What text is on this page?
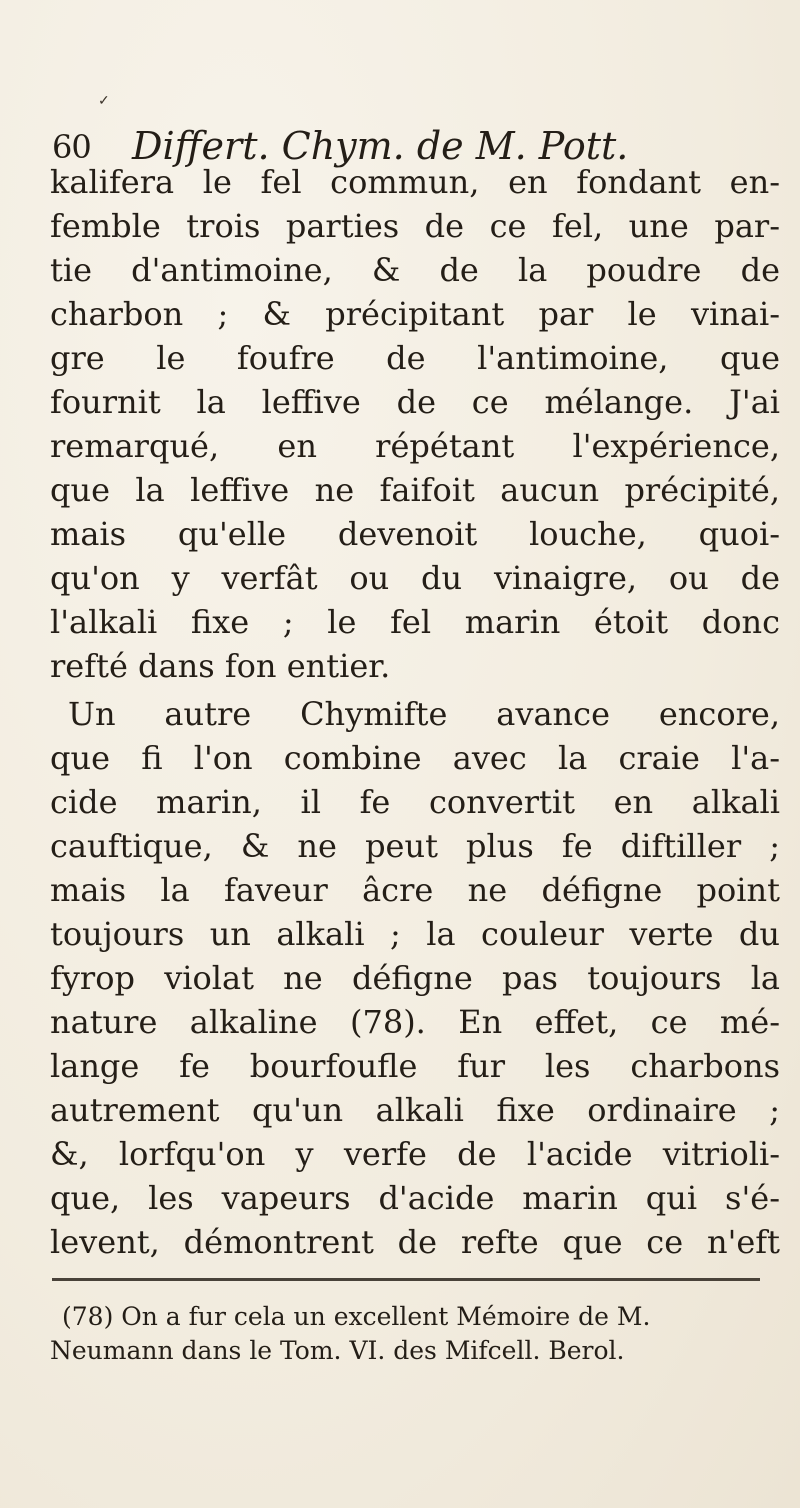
✓
60 Differt. Chym. de M. Pott.
kalifera le fel commun, en fondant en-
femble trois parties de ce fel, une par-
tie d'antimoine, & de la poudre de
charbon ; & précipitant par le vinai-
gre le foufre de l'antimoine, que
fournit la leffive de ce mélange. J'ai
remarqué, en répétant l'expérience,
que la leffive ne faifoit aucun précipité,
mais qu'elle devenoit louche, quoi-
qu'on y verfât ou du vinaigre, ou de
l'alkali fixe ; le fel marin étoit donc
refté dans fon entier.
Un autre Chymifte avance encore,
que fi l'on combine avec la craie l'a-
cide marin, il fe convertit en alkali
cauftique, & ne peut plus fe diftiller ;
mais la faveur âcre ne défigne point
toujours un alkali ; la couleur verte du
fyrop violat ne défigne pas toujours la
nature alkaline (78). En effet, ce mé-
lange fe bourfoufle fur les charbons
autrement qu'un alkali fixe ordinaire ;
&, lorfqu'on y verfe de l'acide vitrioli-
que, les vapeurs d'acide marin qui s'é-
levent, démontrent de refte que ce n'eft
(78) On a fur cela un excellent Mémoire de M.
Neumann dans le Tom. VI. des Mifcell. Berol.
